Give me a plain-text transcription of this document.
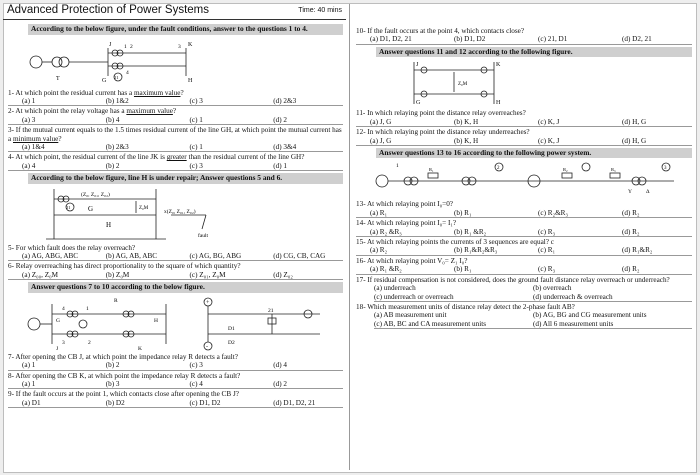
Advanced Protection of Power Systems	Time: 40 mins
According to the below figure, under the fault conditions, answer to the questions 1 to 4.
T	G
J	K
H
1 2	3
4
21
1- At which point the residual current has a maximum value?
(a) 1	(b) 1&2	(c) 3	(d) 2&3
2- At which point the relay voltage has a maximum value?
(a) 3	(b) 4	(c) 1	(d) 2
3- If the mutual current equals to the 1.5 times residual current of the line GH, at which point the mutual current has a minimum value?
(a) 1&4	(b) 2&3	(c) 1	(d) 3&4
4- At which point, the residual current of the line JK is greater than the residual current of the line GH?
(a) 4	(b) 2	(c) 3	(d) 1
According to the below figure, line H is under repair; Answer questions 5 and 6.
(Z₀, Z₀₁, Z₀₂)
x(Z₀, Z₀₁, Z₀₂)
G
H
Z₀M
21
fault
5- For which fault does the relay overreach?
(a) AG, ABG, ABC	(b) AG, AB, ABC	(c) AG, BG, ABG	(d) CG, CB, CAG
6- Relay overreaching has direct proportionality to the square of which quantity?
(a) Z₀₀, Z₀M	(b) Z₀M	(c) Z₀₁, Z₀M	(d) Z₀₂
Answer questions 7 to 10 according to the below figure.
1
4
2
3
R
G
J	K
H
+
-
D1
D2
21
7- After opening the CB J, at which point the impedance relay R detects a fault?
(a) 1	(b) 2	(c) 3	(d) 4
8- After opening the CB K, at which point the impedance relay R detects a fault?
(a) 1	(b) 3	(c) 4	(d) 2
9- If the fault occurs at the point 1, which contacts close after opening the CB J?
(a) D1	(b) D2	(c) D1, D2	(d) D1, D2, 21
10- If the fault occurs at the point 4, which contacts close?
(a) D1, D2, 21	(b) D1, D2	(c) 21, D1	(d) D2, 21
Answer questions 11 and 12 according to the following figure.
J	K
G	H
Z₀M
11- In which relaying point the distance relay overreaches?
(a) J, G	(b) K, H	(c) K, J	(d) H, G
12- In which relaying point the distance relay underreaches?
(a) J, G	(b) K, H	(c) K, J	(d) H, G
Answer questions 13 to 16 according to the following power system.
1
R₁	2	R₂	R₃	3
Y	Δ
13- At which relaying point I₀=0?
(a) R₁	(b) R₁	(c) R₂&R₃	(d) R₂
14- At which relaying point I₀= I₁?
(a) R₂ &R₃	(b) R₁ &R₂	(c) R₃	(d) R₂
15- At which relaying points the currents of 3 sequences are equal? c
(a) R₂	(b) R₁&R₂&R₃	(c) R₁	(d) R₁&R₂
16- At which relaying point V₀= Z₁ I₀?
(a) R₁ &R₂	(b) R₁	(c) R₃	(d) R₂
17- If residual compensation is not considered, does the ground fault distance relay overreach or underreach?
(a) underreach	(b) overreach
(c) underreach or overreach	(d) underreach & overreach
18- Which measurement units of distance relay detect the 2-phase fault AB?
(a) AB measurement unit	(b) AG, BG and CG measurement units
(c) AB, BC and CA measurement units	(d) All 6 measurement units
